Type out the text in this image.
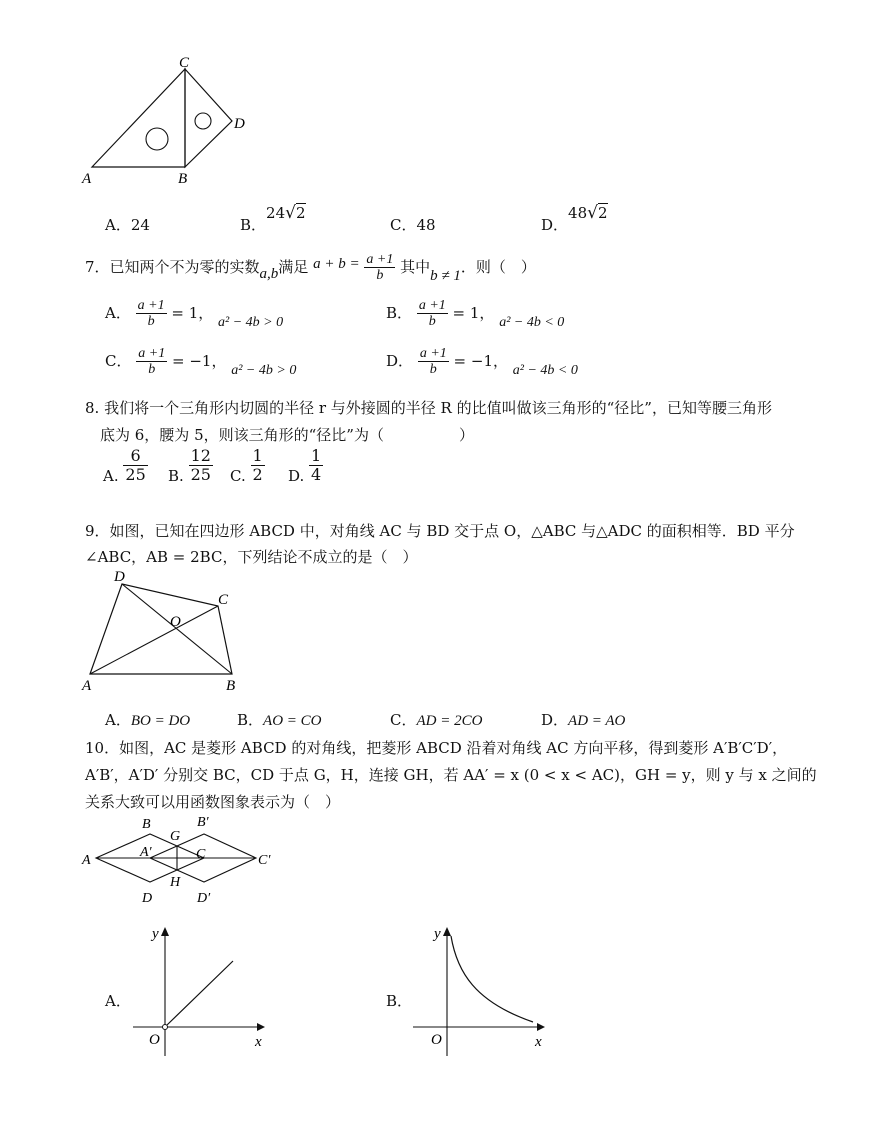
A	B
C
D
A．24	B．24√2
C．48	D．48√2
7．已知两个不为零的实数a,b满足 $a + b = \frac{a +1}{b}$ 其中b ≠ 1．则（　）
A． $\frac{a +1}{b} = 1$， a² − 4b > 0
B． $\frac{a +1}{b} = 1$， a² − 4b < 0
C． $\frac{a +1}{b} = -1$， a² − 4b > 0
D． $\frac{a +1}{b} = -1$， a² − 4b < 0
8. 我们将一个三角形内切圆的半径 r 与外接圆的半径 R 的比值叫做该三角形的“径比”，已知等腰三角形
底为 6，腰为 5，则该三角形的“径比”为（　　　　　）
A. $\frac{6}{25} B$. $\frac{12}{25} C$. $\frac{1}{2} D$. $\frac{1}{4}$
9．如图，已知在四边形 ABCD 中，对角线 AC 与 BD 交于点 O，△ABC 与△ADC 的面积相等．BD 平分
∠ABC，AB = 2BC，下列结论不成立的是（　）
A	B
C
D
O
A．BO = DO	B．AO = CO	C．AD = 2CO	D．AD = AO
10．如图，AC 是菱形 ABCD 的对角线，把菱形 ABCD 沿着对角线 AC 方向平移，得到菱形 A′B′C′D′，
A′B′，A′D′ 分别交 BC，CD 于点 G，H，连接 GH，若 AA′ = x (0 < x < AC)，GH = y，则 y 与 x 之间的
关系大致可以用函数图象表示为（　）
A
B
C
D
A′
B′
C′
D′
G
H
A．
y
x
O
B．
y
x
O
